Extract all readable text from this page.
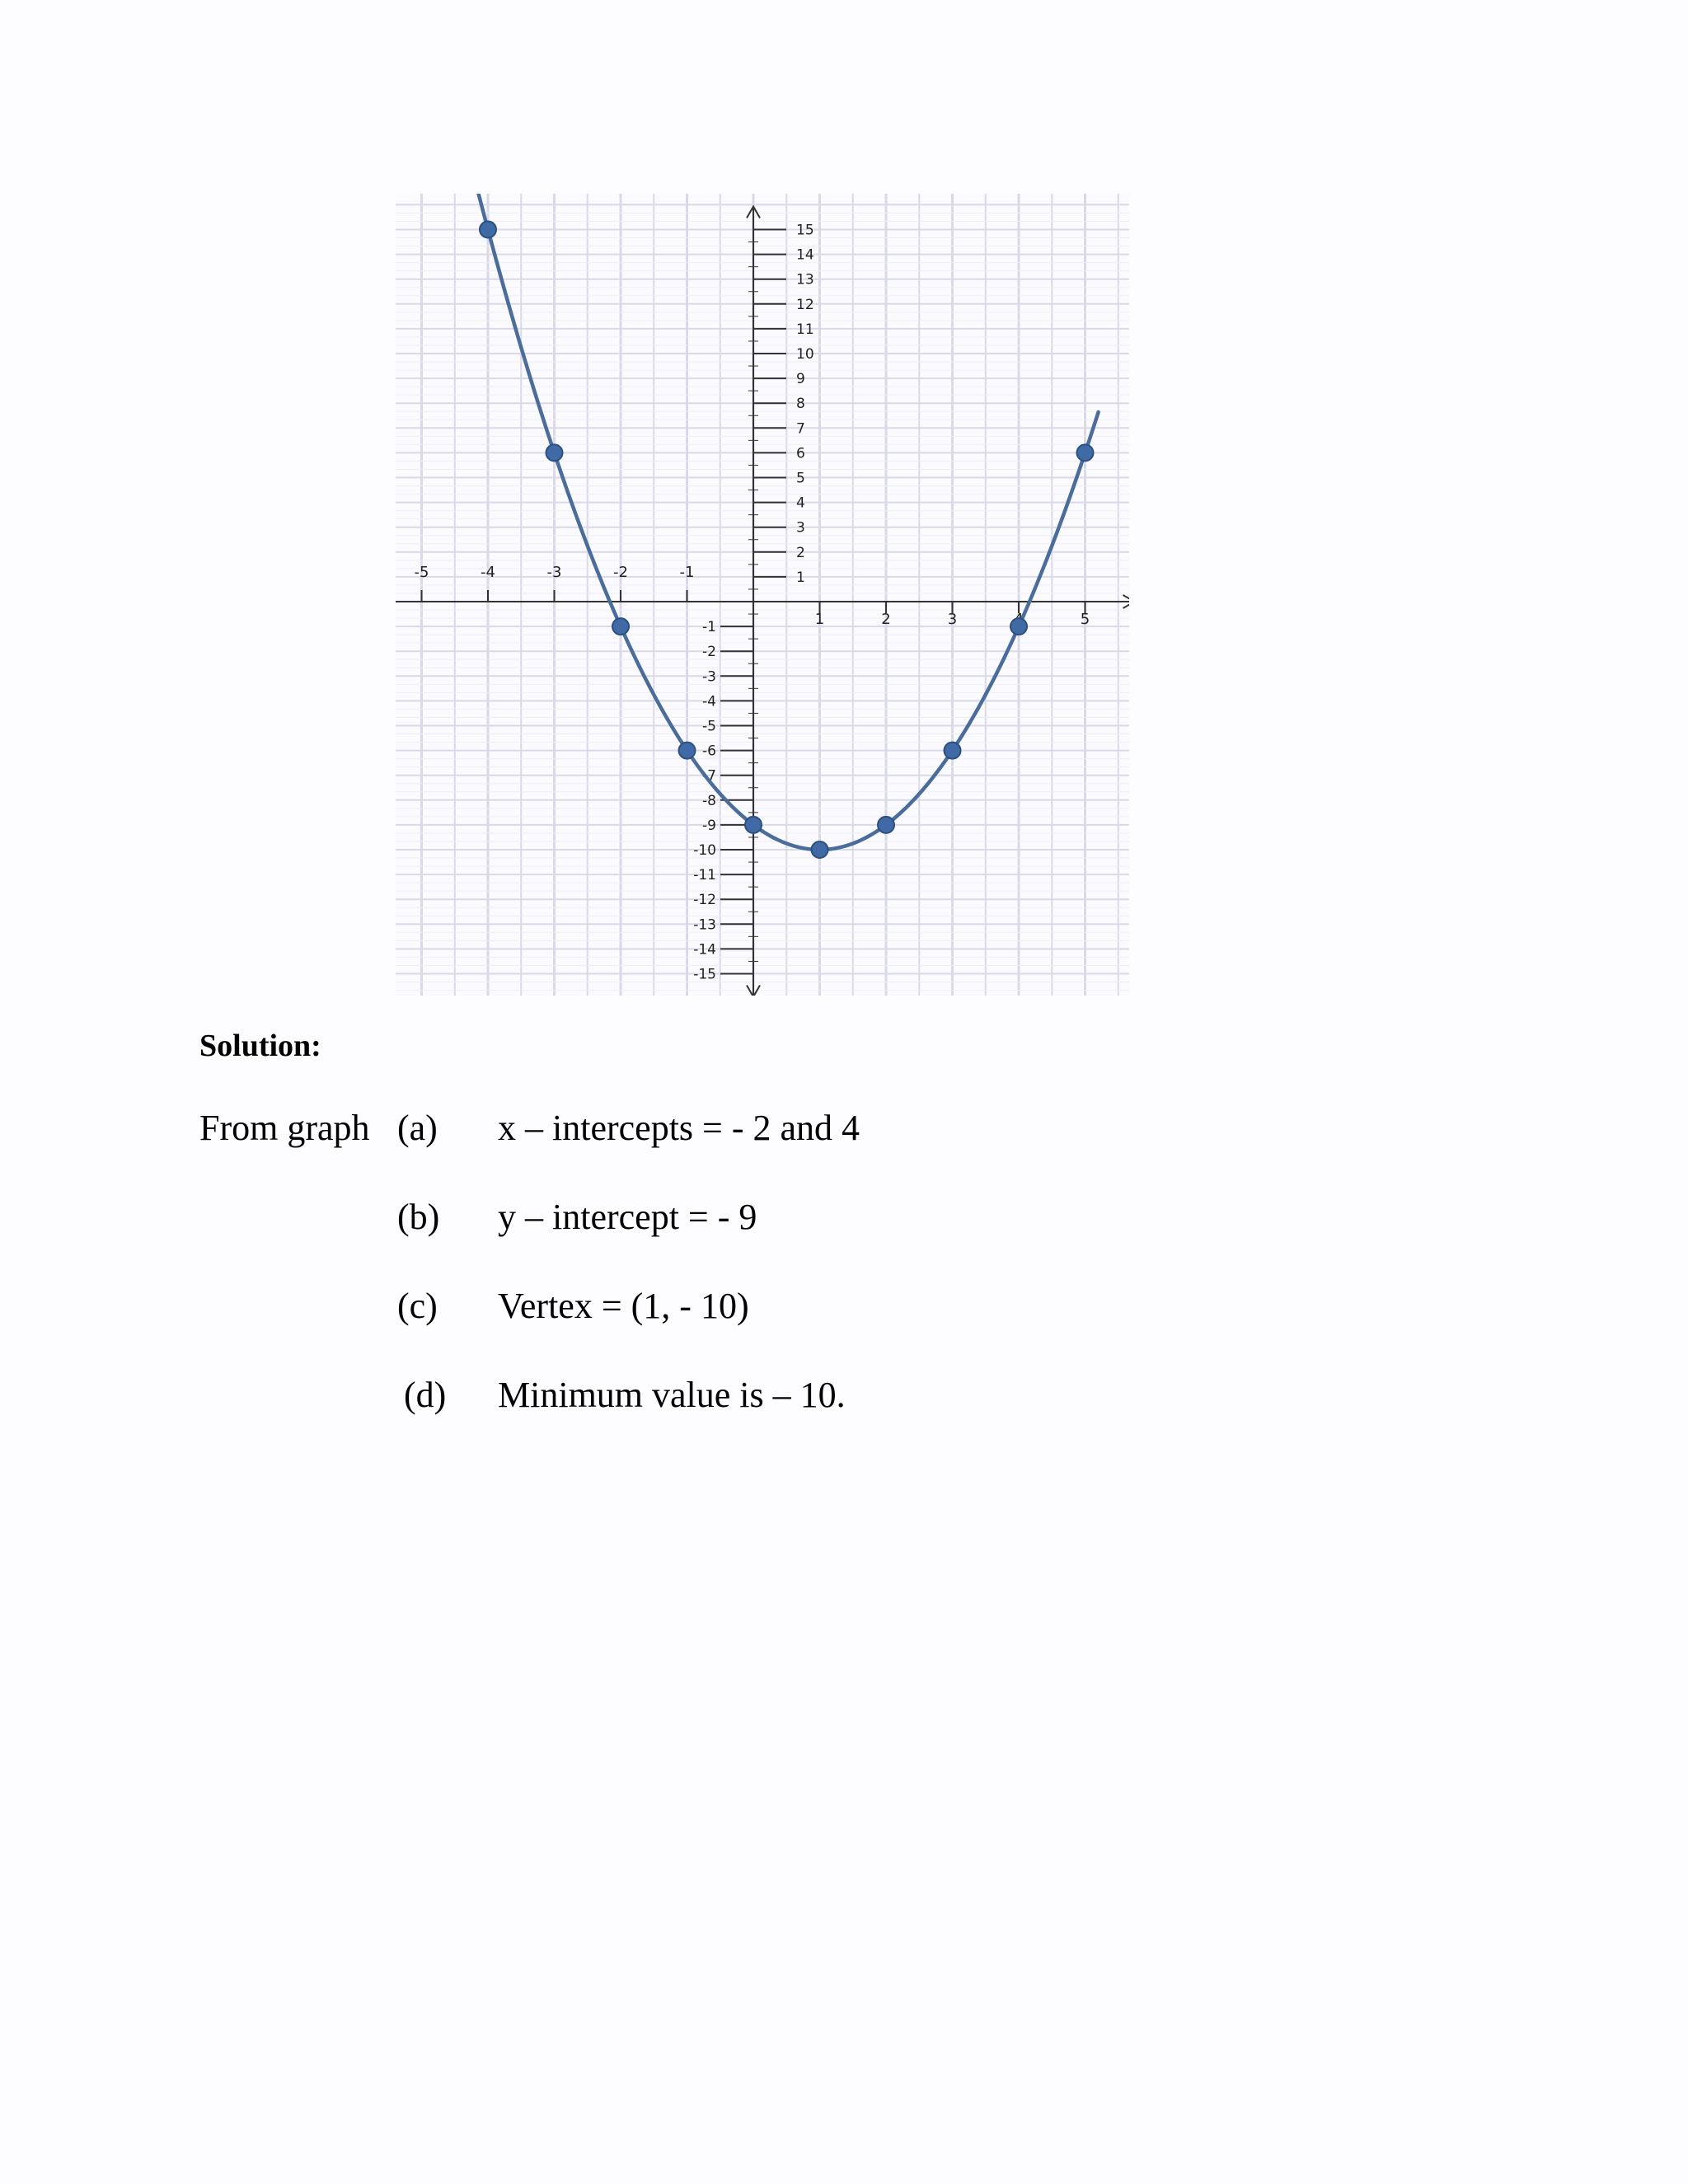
-5	-4	-3	-2	-1
1	2	3	5
-15
-14
-13
-12
-11
-10
-9
-8
-7
-6
-5
-4
-3
-2
-1
1
2
3
4
5
6
7
8
9
10
11
12
13
14
15
Solution:
From graph (a) x – intercepts = - 2 and 4
(b) y – intercept = - 9
(c) Vertex = (1, - 10)
(d) Minimum value is – 10.
